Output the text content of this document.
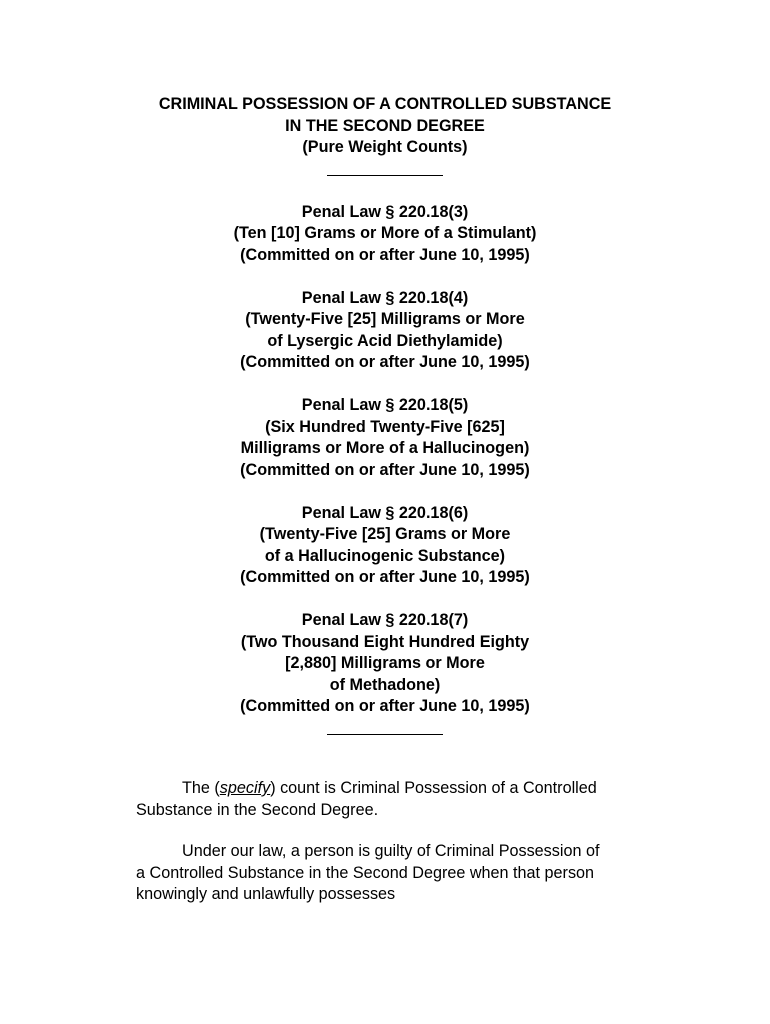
CRIMINAL POSSESSION OF A CONTROLLED SUBSTANCE
IN THE SECOND DEGREE
(Pure Weight Counts)
Penal Law § 220.18(3)
(Ten [10] Grams or More of a Stimulant)
(Committed on or after June 10, 1995)
Penal Law § 220.18(4)
(Twenty-Five [25] Milligrams or More
of Lysergic Acid Diethylamide)
(Committed on or after June 10, 1995)
Penal Law § 220.18(5)
(Six Hundred Twenty-Five [625]
Milligrams or More of a Hallucinogen)
(Committed on or after June 10, 1995)
Penal Law § 220.18(6)
(Twenty-Five [25] Grams or More
of a Hallucinogenic Substance)
(Committed on or after June 10, 1995)
Penal Law § 220.18(7)
(Two Thousand Eight Hundred Eighty
[2,880] Milligrams or More
of Methadone)
(Committed on or after June 10, 1995)
The (specify) count is Criminal Possession of a Controlled
Substance in the Second Degree.
Under our law, a person is guilty of Criminal Possession of
a Controlled Substance in the Second Degree when that person
knowingly and unlawfully possesses
